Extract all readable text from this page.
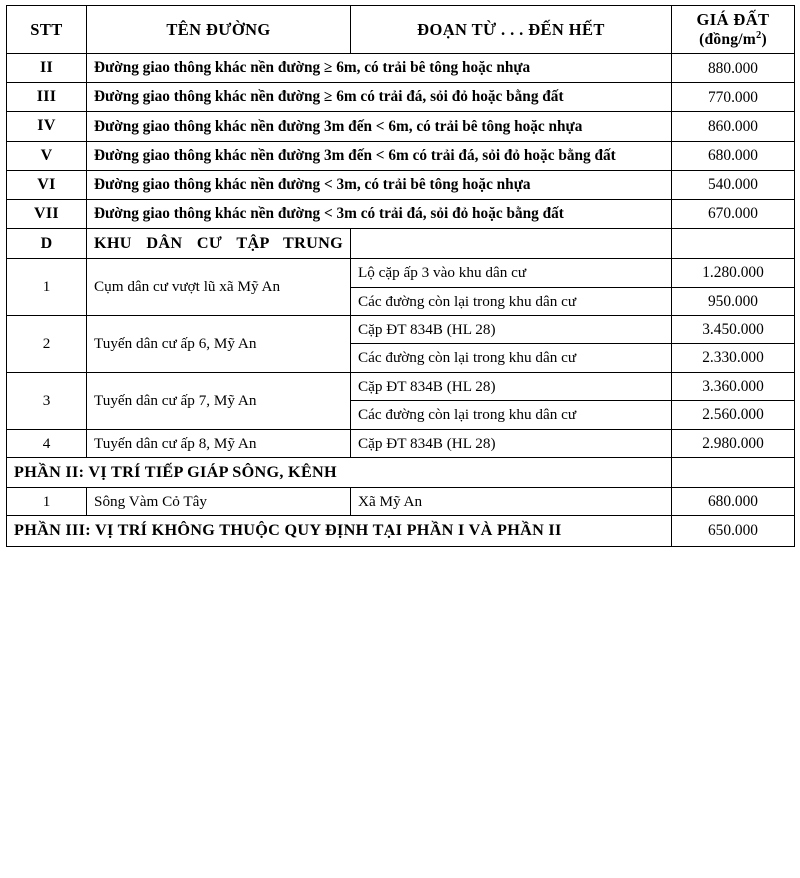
STT	TÊN ĐƯỜNG	ĐOẠN TỪ . . . ĐẾN HẾT	GIÁ ĐẤT
$(đồng/m^2)$

II	Đường giao thông khác nền đường ≥ 6m, có trải bê tông hoặc nhựa		880.000
III	Đường giao thông khác nền đường ≥ 6m có trải đá, sỏi đỏ hoặc bằng đất		770.000
IV	Đường giao thông khác nền đường 3m đến < 6m, có trải bê tông hoặc nhựa		860.000
V	Đường giao thông khác nền đường 3m đến < 6m có trải đá, sỏi đỏ hoặc bằng đất		680.000
VI	Đường giao thông khác nền đường < 3m, có trải bê tông hoặc nhựa		540.000
VII	Đường giao thông khác nền đường < 3m có trải đá, sỏi đỏ hoặc bằng đất		670.000
D	KHU DÂN CƯ TẬP TRUNG		
1	Cụm dân cư vượt lũ xã Mỹ An	Lộ cặp ấp 3 vào khu dân cư	1.280.000
		Các đường còn lại trong khu dân cư	950.000
2	Tuyến dân cư ấp 6, Mỹ An	Cặp ĐT 834B (HL 28)	3.450.000
		Các đường còn lại trong khu dân cư	2.330.000
3	Tuyến dân cư ấp 7, Mỹ An	Cặp ĐT 834B (HL 28)	3.360.000
		Các đường còn lại trong khu dân cư	2.560.000
4	Tuyến dân cư ấp 8, Mỹ An	Cặp ĐT 834B (HL 28)	2.980.000
PHẦN II: VỊ TRÍ TIẾP GIÁP SÔNG, KÊNH			
1	Sông Vàm Cỏ Tây	Xã Mỹ An	680.000
PHẦN III: VỊ TRÍ KHÔNG THUỘC QUY ĐỊNH TẠI PHẦN I VÀ PHẦN II			650.000
